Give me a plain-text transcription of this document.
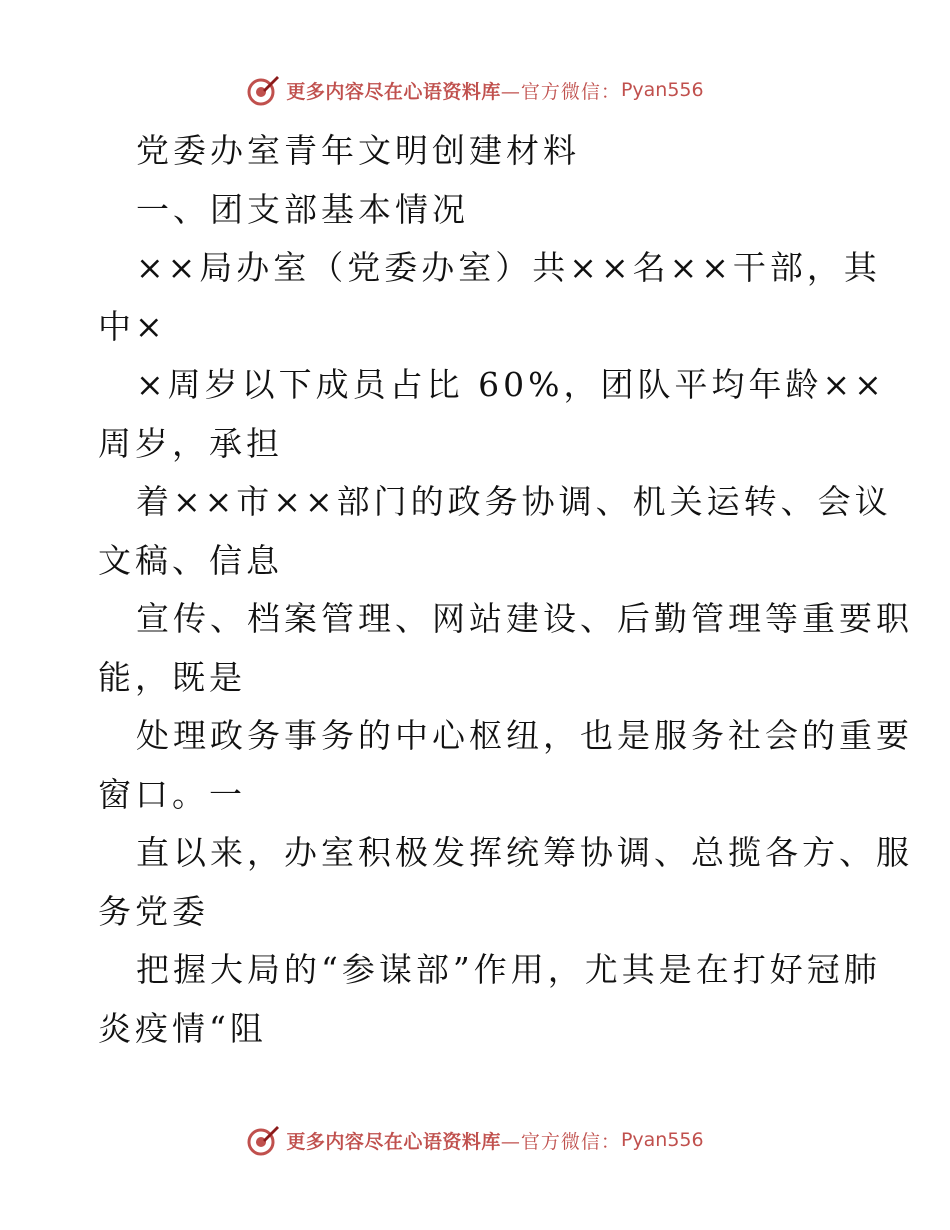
更多内容尽在心语资料库 —官方微信： Pyan556
党委办室青年文明创建材料
一、团支部基本情况
××局办室（党委办室）共××名××干部，其
中×
×周岁以下成员占比 60%，团队平均年龄××
周岁，承担
着××市××部门的政务协调、机关运转、会议
文稿、信息
宣传、档案管理、网站建设、后勤管理等重要职
能，既是
处理政务事务的中心枢纽，也是服务社会的重要
窗口。一
直以来，办室积极发挥统筹协调、总揽各方、服
务党委
把握大局的“参谋部”作用，尤其是在打好冠肺
炎疫情“阻
更多内容尽在心语资料库 —官方微信： Pyan556
